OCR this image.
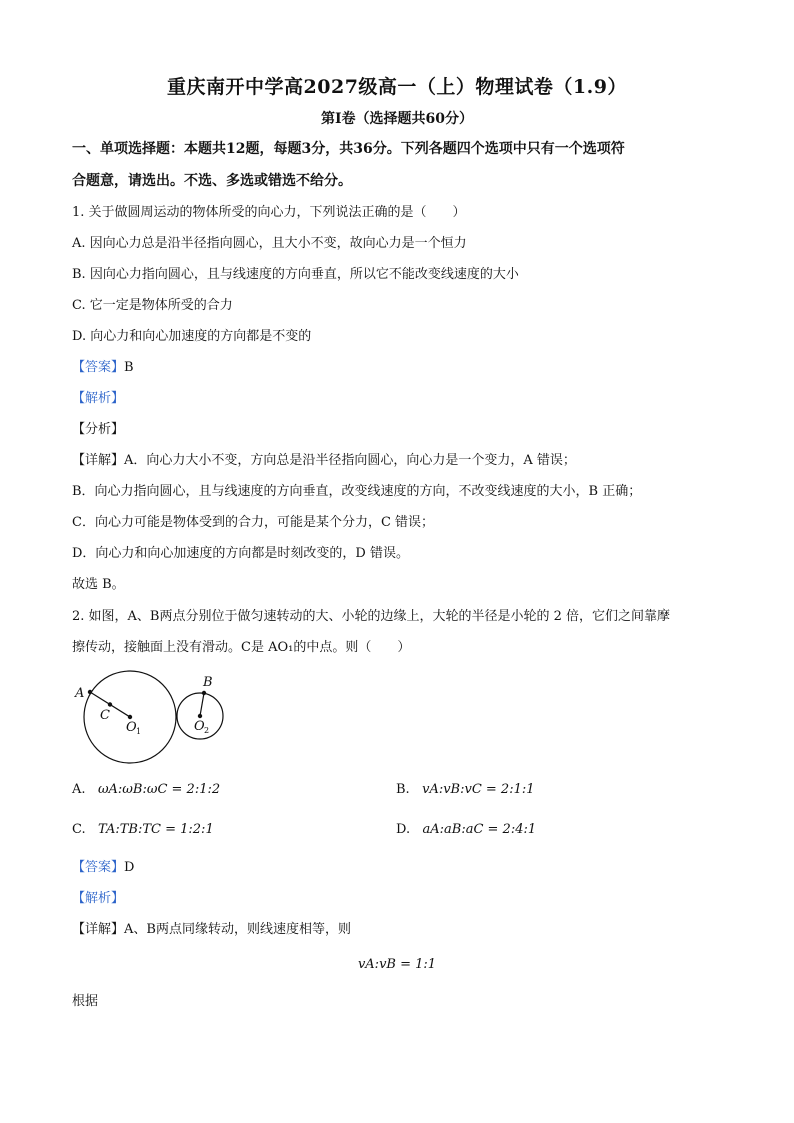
重庆南开中学高2027级高一（上）物理试卷（1.9）
第Ⅰ卷（选择题共60分）
一、单项选择题：本题共12题，每题3分，共36分。下列各题四个选项中只有一个选项符
合题意，请选出。不选、多选或错选不给分。
1. 关于做圆周运动的物体所受的向心力，下列说法正确的是（　　）
A. 因向心力总是沿半径指向圆心，且大小不变，故向心力是一个恒力
B. 因向心力指向圆心，且与线速度的方向垂直，所以它不能改变线速度的大小
C. 它一定是物体所受的合力
D. 向心力和向心加速度的方向都是不变的
【答案】B
【解析】
【分析】
【详解】A．向心力大小不变，方向总是沿半径指向圆心，向心力是一个变力，A 错误；
B．向心力指向圆心，且与线速度的方向垂直，改变线速度的方向，不改变线速度的大小，B 正确；
C．向心力可能是物体受到的合力，可能是某个分力，C 错误；
D．向心力和向心加速度的方向都是时刻改变的，D 错误。
故选 B。
2. 如图，A、B两点分别位于做匀速转动的大、小轮的边缘上，大轮的半径是小轮的 2 倍，它们之间靠摩
擦传动，接触面上没有滑动。C是 AO₁的中点。则（　　）
A
C
O 1
B
O 2
A. ωA:ωB:ωC = 2:1:2	B. vA:vB:vC = 2:1:1
C. TA:TB:TC = 1:2:1	D. aA:aB:aC = 2:4:1
【答案】D
【解析】
【详解】A、B两点同缘转动，则线速度相等，则
vA:vB = 1:1
根据
